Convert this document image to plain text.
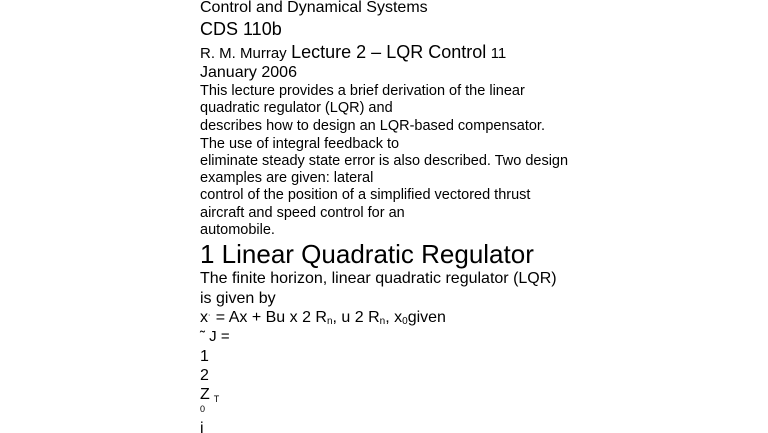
Control and Dynamical Systems
CDS 110b
R. M. Murray Lecture 2 – LQR Control 11
January 2006
This lecture provides a brief derivation of the linear
quadratic regulator (LQR) and
describes how to design an LQR-based compensator.
The use of integral feedback to
eliminate steady state error is also described. Two design
examples are given: lateral
control of the position of a simplified vectored thrust
aircraft and speed control for an
automobile.
1 Linear Quadratic Regulator
The finite horizon, linear quadratic regulator (LQR)
is given by
x˙ = Ax + Bu x 2 Rn, u 2 Rn, x0given
˜ J =
1
2
Z T
0
i
